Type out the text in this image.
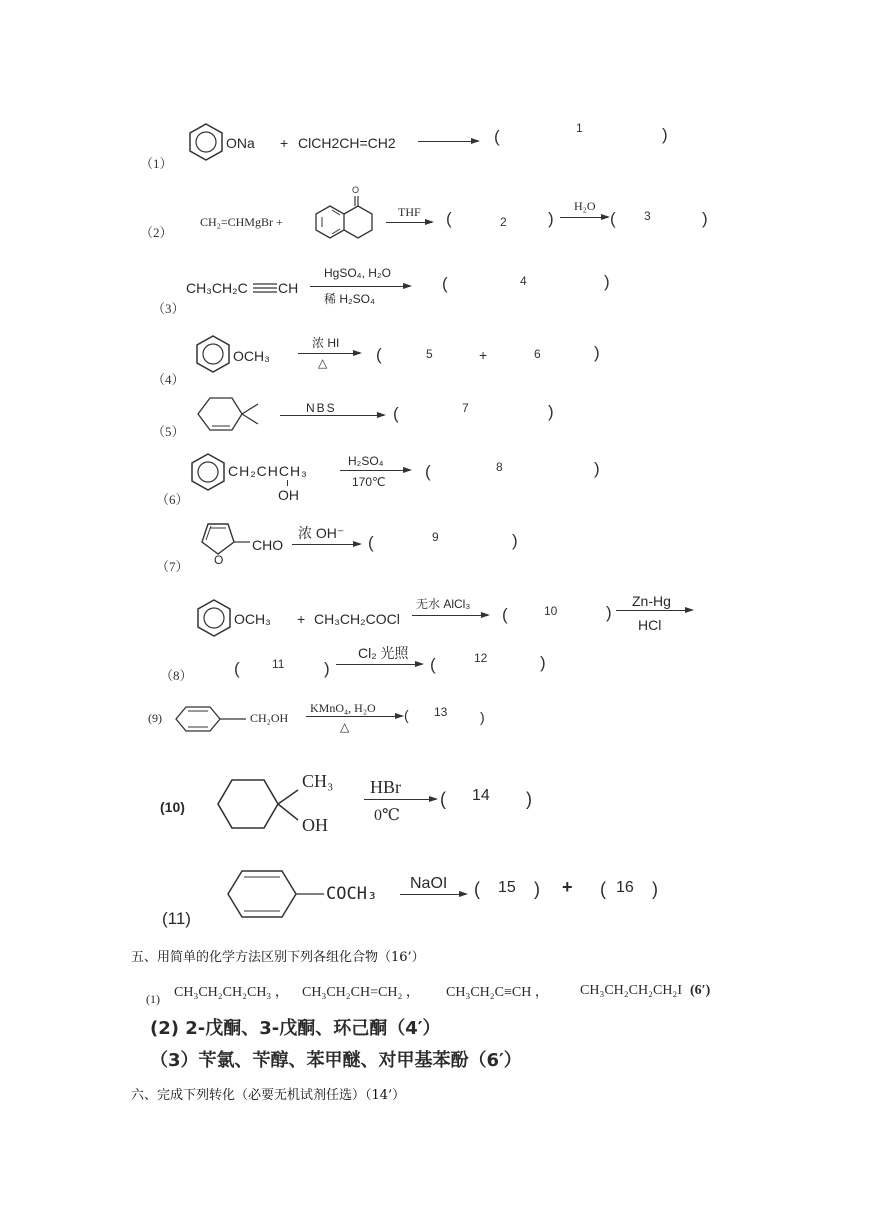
ONa + ClCH2CH=CH2 → (	1	)
（1）
（2）
CH₂=CHMgBr +
O
THF → (	2 )
H₂O
→ ( 3	)
CH₃CH₂C CH
HgSO₄, H₂O
稀 H₂SO₄
(	4	)
（3）
OCH₃
浓 HI
△	(	5	+	6	)
（4）
NBS	(	7	)
（5）
CH₂CHCH₃
OH
H₂SO₄
170℃
(	8	)
（6）
O
CHO
浓 OH⁻ (	9	)
（7）
OCH₃ + CH₃CH₂COCl
无水 AlCl₃
(	10	)
Zn-Hg
HCl
(	11 )
Cl₂ 光照
(	12	)
（8）
(9)	CH₂OH
KMnO₄, H₂O
△
( 13 )
(10)
CH₃
OH
HBr
0℃
( 14 )
COCH₃
NaOI ( 15 ) + ( 16 )
(11)
五、用简单的化学方法区别下列各组化合物（16’）
(1) CH₃CH₂CH₂CH₃ ， CH₃CH₂CH=CH₂ ， CH₃CH₂C≡CH ， CH₃CH₂CH₂CH₂I (6′)
(2) 2-戊酮、3-戊酮、环己酮（4′）
（3）苄氯、苄醇、苯甲醚、对甲基苯酚（6′）
六、完成下列转化（必要无机试剂任选）（14’）
